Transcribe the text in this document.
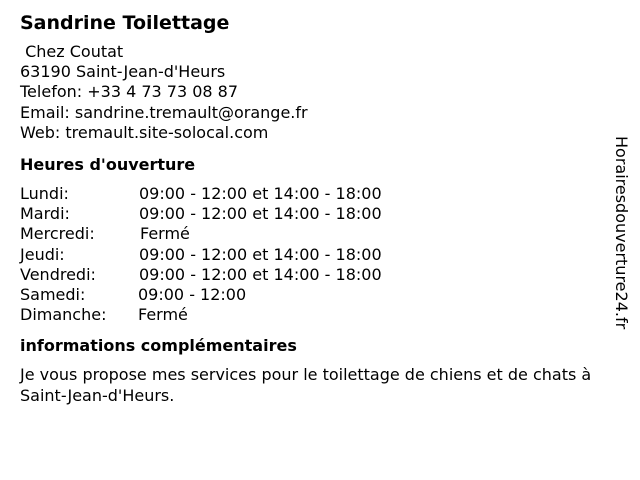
Sandrine Toilettage
Chez Coutat
63190 Saint-Jean-d'Heurs
Telefon: +33 4 73 73 08 87
Email: sandrine.tremault@orange.fr
Web: tremault.site-solocal.com
Heures d'ouverture
Lundi:	09:00 - 12:00 et 14:00 - 18:00
Mardi:	09:00 - 12:00 et 14:00 - 18:00
Mercredi:	Fermé
Jeudi:	09:00 - 12:00 et 14:00 - 18:00
Vendredi:	09:00 - 12:00 et 14:00 - 18:00
Samedi:	09:00 - 12:00
Dimanche:	Fermé
informations complémentaires
Je vous propose mes services pour le toilettage de chiens et de chats à Saint-Jean-d'Heurs.
Horairesdouverture24.fr
